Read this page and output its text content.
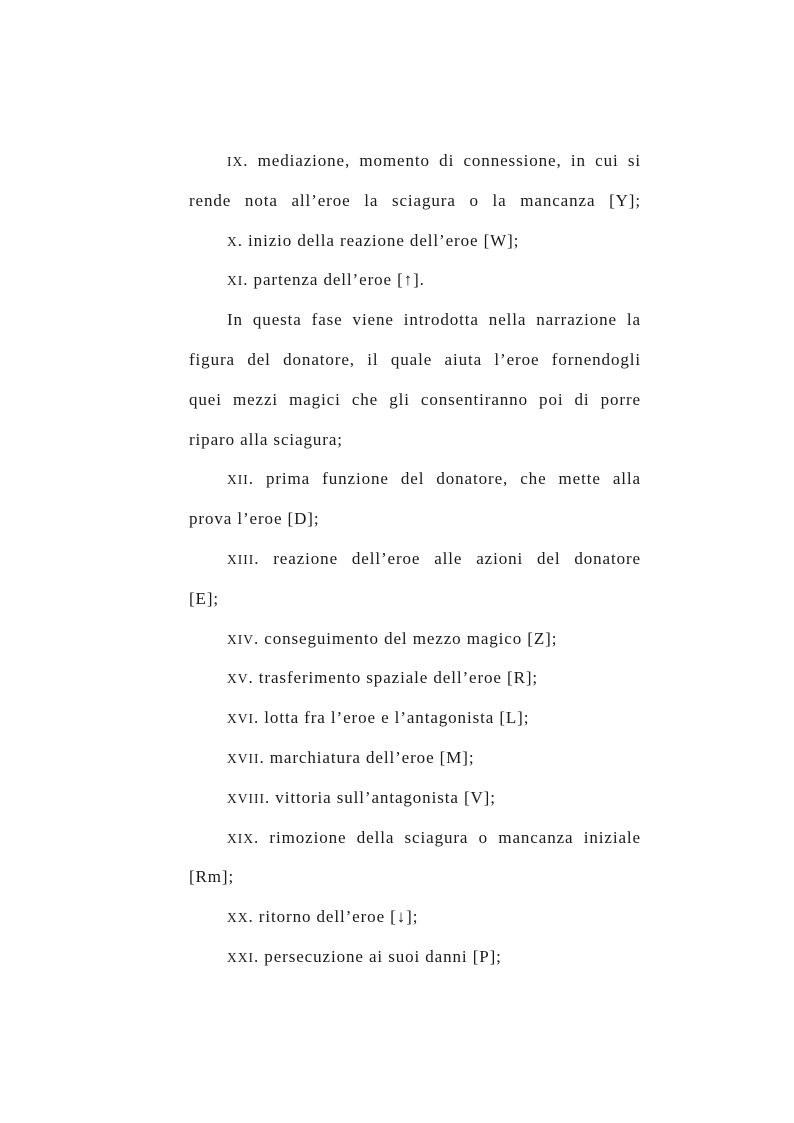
IX. mediazione, momento di connessione, in cui si
rende nota all’eroe la sciagura o la mancanza [Y];
X. inizio della reazione dell’eroe [W];
XI. partenza dell’eroe [↑].
In questa fase viene introdotta nella narrazione la
figura del donatore, il quale aiuta l’eroe fornendogli
quei mezzi magici che gli consentiranno poi di porre
riparo alla sciagura;
XII. prima funzione del donatore, che mette alla
prova l’eroe [D];
XIII. reazione dell’eroe alle azioni del donatore
[E];
XIV. conseguimento del mezzo magico [Z];
XV. trasferimento spaziale dell’eroe [R];
XVI. lotta fra l’eroe e l’antagonista [L];
XVII. marchiatura dell’eroe [M];
XVIII. vittoria sull’antagonista [V];
XIX. rimozione della sciagura o mancanza iniziale
[Rm];
XX. ritorno dell’eroe [↓];
XXI. persecuzione ai suoi danni [P];
